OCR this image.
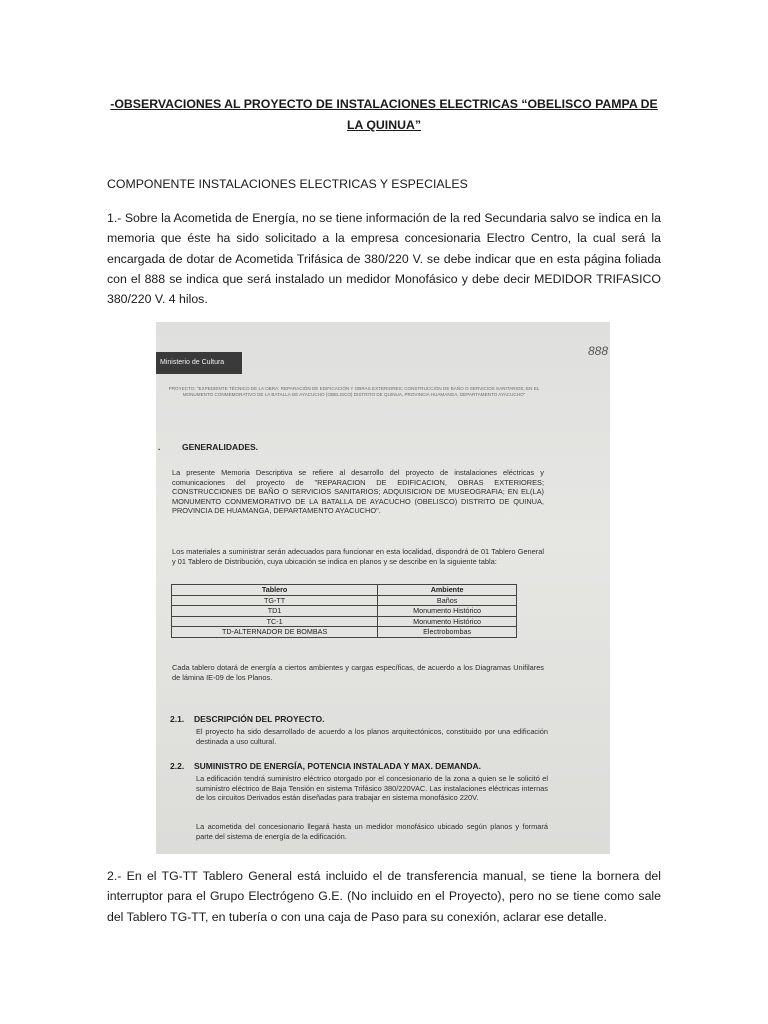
-OBSERVACIONES AL PROYECTO DE INSTALACIONES ELECTRICAS “OBELISCO PAMPA DE LA QUINUA”

COMPONENTE INSTALACIONES ELECTRICAS Y ESPECIALES

1.- Sobre la Acometida de Energía, no se tiene información de la red Secundaria salvo se indica en la memoria que éste ha sido solicitado a la empresa concesionaria Electro Centro, la cual será la encargada de dotar de Acometida Trifásica de 380/220 V. se debe indicar que en esta página foliada con el 888 se indica que será instalado un medidor Monofásico y debe decir MEDIDOR TRIFASICO 380/220 V. 4 hilos.

Ministerio de Cultura
888
PROYECTO: "EXPEDIENTE TÉCNICO DE LA OBRA: REPARACIÓN DE EDIFICACIÓN Y OBRAS EXTERIORES; CONSTRUCCIÓN DE BAÑO O SERVICIOS SANITARIOS; EN EL MONUMENTO CONMEMORATIVO DE LA BATALLA DE AYACUCHO (OBELISCO) DISTRITO DE QUINUA, PROVINCIA HUAMANGA, DEPARTAMENTO AYACUCHO"
.	GENERALIDADES.
La presente Memoria Descriptiva se refiere al desarrollo del proyecto de instalaciones eléctricas y comunicaciones del proyecto de "REPARACION DE EDIFICACION, OBRAS EXTERIORES; CONSTRUCCIONES DE BAÑO O SERVICIOS SANITARIOS; ADQUISICION DE MUSEOGRAFIA; EN EL(LA) MONUMENTO CONMEMORATIVO DE LA BATALLA DE AYACUCHO (OBELISCO) DISTRITO DE QUINUA, PROVINCIA DE HUAMANGA, DEPARTAMENTO AYACUCHO".
Los materiales a suministrar serán adecuados para funcionar en esta localidad, dispondrá de 01 Tablero General y 01 Tablero de Distribución, cuya ubicación se indica en planos y se describe en la siguiente tabla:
Tablero	Ambiente
TG-TT	Baños
TD1	Monumento Histórico
TC-1	Monumento Histórico
TD-ALTERNADOR DE BOMBAS	Electrobombas
Cada tablero dotará de energía a ciertos ambientes y cargas específicas, de acuerdo a los Diagramas Unifilares de lámina IE-09 de los Planos.
2.1. DESCRIPCIÓN DEL PROYECTO.
El proyecto ha sido desarrollado de acuerdo a los planos arquitectónicos, constituido por una edificación destinada a uso cultural.
2.2. SUMINISTRO DE ENERGÍA, POTENCIA INSTALADA Y MAX. DEMANDA.
La edificación tendrá suministro eléctrico otorgado por el concesionario de la zona a quien se le solicitó el suministro eléctrico de Baja Tensión en sistema Trifásico 380/220VAC. Las instalaciones eléctricas internas de los circuitos Derivados están diseñadas para trabajar en sistema monofásico 220V.
La acometida del concesionario llegará hasta un medidor monofásico ubicado según planos y formará parte del sistema de energía de la edificación.

2.- En el TG-TT Tablero General está incluido el de transferencia manual, se tiene la bornera del interruptor para el Grupo Electrógeno G.E. (No incluido en el Proyecto), pero no se tiene como sale del Tablero TG-TT, en tubería o con una caja de Paso para su conexión, aclarar ese detalle.
